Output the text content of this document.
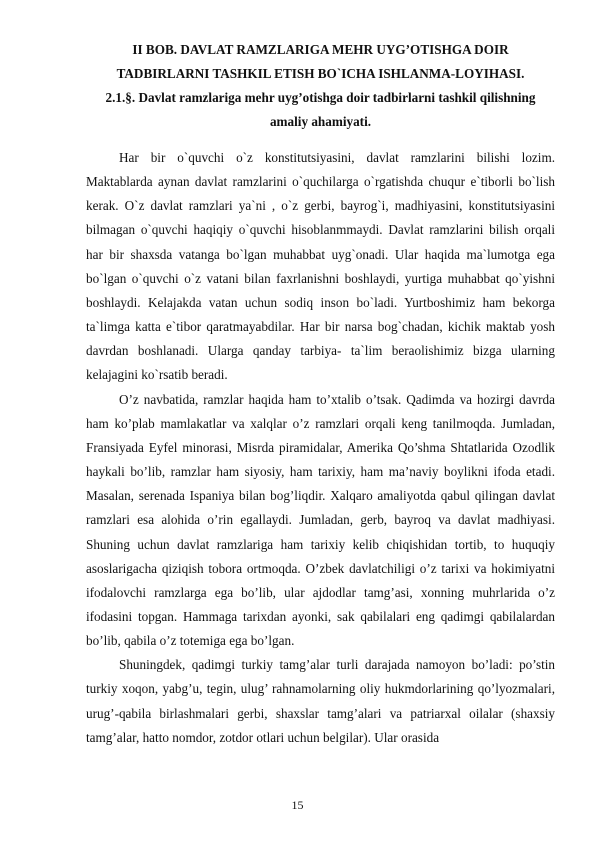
II BOB. DAVLAT RAMZLARIGA MEHR UYG’OTISHGA DOIR
TADBIRLARNI TASHKIL ETISH BO`ICHA ISHLANMA-LOYIHASI.
2.1.§. Davlat ramzlariga mehr uyg’otishga doir tadbirlarni tashkil qilishning
amaliy ahamiyati.

Har bir o`quvchi o`z konstitutsiyasini, davlat ramzlarini bilishi lozim. Maktablarda aynan davlat ramzlarini o`quchilarga o`rgatishda chuqur e`tiborli bo`lish kerak. O`z davlat ramzlari ya`ni , o`z gerbi, bayrog`i, madhiyasini, konstitutsiyasini bilmagan o`quvchi haqiqiy o`quvchi hisoblanmmaydi. Davlat ramzlarini bilish orqali har bir shaxsda vatanga bo`lgan muhabbat uyg`onadi. Ular haqida ma`lumotga ega bo`lgan o`quvchi o`z vatani bilan faxrlanishni boshlaydi, yurtiga muhabbat qo`yishni boshlaydi. Kelajakda vatan uchun sodiq inson bo`ladi. Yurtboshimiz ham bekorga ta`limga katta e`tibor qaratmayabdilar. Har bir narsa bog`chadan, kichik maktab yosh davrdan boshlanadi. Ularga qanday tarbiya- ta`lim beraolishimiz bizga ularning kelajagini ko`rsatib beradi.

O’z navbatida, ramzlar haqida ham to’xtalib o’tsak. Qadimda va hozirgi davrda ham ko’plab mamlakatlar va xalqlar o’z ramzlari orqali keng tanilmoqda. Jumladan, Fransiyada Eyfel minorasi, Misrda piramidalar, Amerika Qo’shma Shtatlarida Ozodlik haykali bo’lib, ramzlar ham siyosiy, ham tarixiy, ham ma’naviy boylikni ifoda etadi. Masalan, serenada Ispaniya bilan bog’liqdir. Xalqaro amaliyotda qabul qilingan davlat ramzlari esa alohida o’rin egallaydi. Jumladan, gerb, bayroq va davlat madhiyasi. Shuning uchun davlat ramzlariga ham tarixiy kelib chiqishidan tortib, to huquqiy asoslarigacha qiziqish tobora ortmoqda. O’zbek davlatchiligi o’z tarixi va hokimiyatni ifodalovchi ramzlarga ega bo’lib, ular ajdodlar tamg’asi, xonning muhrlarida o’z ifodasini topgan. Hammaga tarixdan ayonki, sak qabilalari eng qadimgi qabilalardan bo’lib, qabila o’z totemiga ega bo’lgan.

Shuningdek, qadimgi turkiy tamg’alar turli darajada namoyon bo’ladi: po’stin turkiy xoqon, yabg’u, tegin, ulug’ rahnamolarning oliy hukmdorlarining qo’lyozmalari, urug’-qabila birlashmalari gerbi, shaxslar tamg’alari va patriarxal oilalar (shaxsiy tamg’alar, hatto nomdor, zotdor otlari uchun belgilar). Ular orasida

15
